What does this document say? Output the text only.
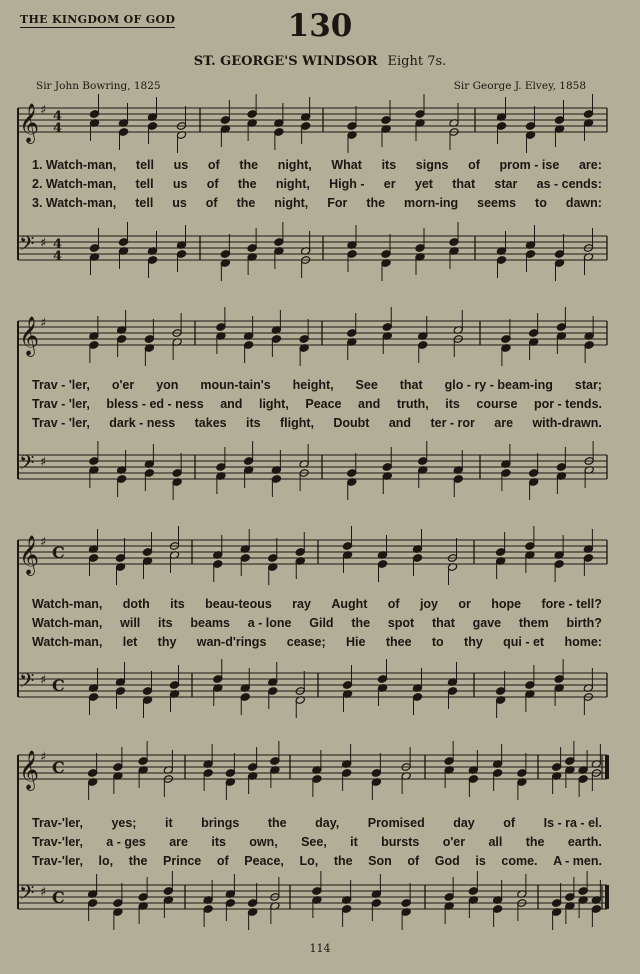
THE KINGDOM OF GOD	130
ST. GEORGE'S WINDSOR Eight 7s.
Sir John Bowring, 1825	Sir George J. Elvey, 1858
𝄞 ♯ 4
4
𝄢 ♯ 4
4
𝄞 ♯
𝄢 ♯
𝄞 ♯
C
𝄢 ♯ C
𝄞 ♯
C
𝄢 ♯ C
1. Watch-man, tell us of the night, What its signs of prom - ise are:
2. Watch-man, tell us of the night, High - er yet that star as - cends:
3. Watch-man, tell us of the night, For the morn-ing seems to dawn:
Trav - 'ler, o'er yon moun-tain's height, See that glo - ry - beam-ing star;
Trav - 'ler, bless - ed - ness and light, Peace and truth, its course por - tends.
Trav - 'ler, dark - ness takes its flight, Doubt and ter - ror are with-drawn.
Watch-man, doth its beau-teous ray Aught of joy or hope fore - tell?
Watch-man, will its beams a - lone Gild the spot that gave them birth?
Watch-man, let thy wan-d'rings cease; Hie thee to thy qui - et home:
Trav-'ler, yes; it brings the day, Promised day of Is - ra - el.
Trav-'ler, a - ges are its own, See, it bursts o'er all the earth.
Trav-'ler, lo, the Prince of Peace, Lo, the Son of God is come. A - men.
114
